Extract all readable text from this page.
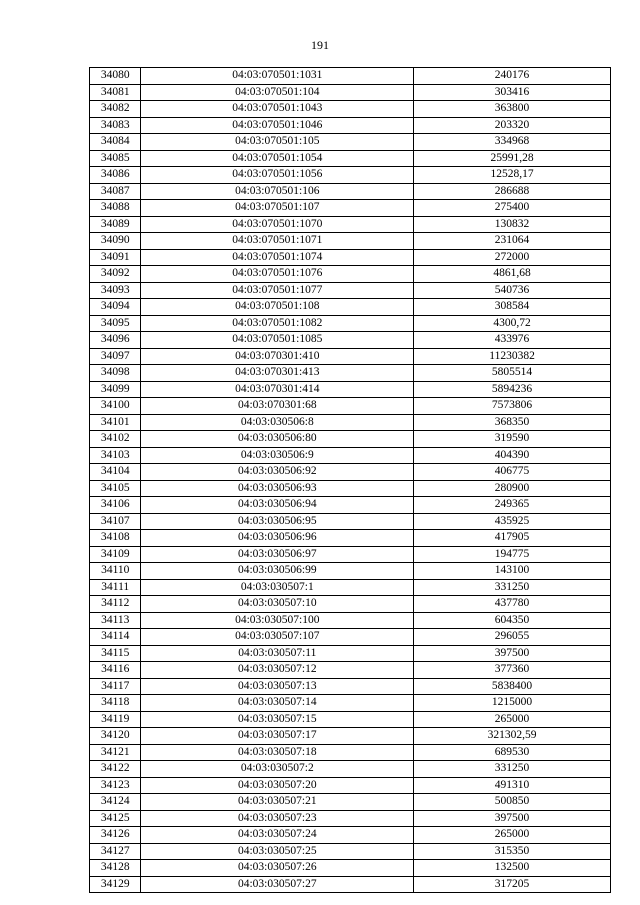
191
34080	04:03:070501:1031	240176
34081	04:03:070501:104	303416
34082	04:03:070501:1043	363800
34083	04:03:070501:1046	203320
34084	04:03:070501:105	334968
34085	04:03:070501:1054	25991,28
34086	04:03:070501:1056	12528,17
34087	04:03:070501:106	286688
34088	04:03:070501:107	275400
34089	04:03:070501:1070	130832
34090	04:03:070501:1071	231064
34091	04:03:070501:1074	272000
34092	04:03:070501:1076	4861,68
34093	04:03:070501:1077	540736
34094	04:03:070501:108	308584
34095	04:03:070501:1082	4300,72
34096	04:03:070501:1085	433976
34097	04:03:070301:410	11230382
34098	04:03:070301:413	5805514
34099	04:03:070301:414	5894236
34100	04:03:070301:68	7573806
34101	04:03:030506:8	368350
34102	04:03:030506:80	319590
34103	04:03:030506:9	404390
34104	04:03:030506:92	406775
34105	04:03:030506:93	280900
34106	04:03:030506:94	249365
34107	04:03:030506:95	435925
34108	04:03:030506:96	417905
34109	04:03:030506:97	194775
34110	04:03:030506:99	143100
34111	04:03:030507:1	331250
34112	04:03:030507:10	437780
34113	04:03:030507:100	604350
34114	04:03:030507:107	296055
34115	04:03:030507:11	397500
34116	04:03:030507:12	377360
34117	04:03:030507:13	5838400
34118	04:03:030507:14	1215000
34119	04:03:030507:15	265000
34120	04:03:030507:17	321302,59
34121	04:03:030507:18	689530
34122	04:03:030507:2	331250
34123	04:03:030507:20	491310
34124	04:03:030507:21	500850
34125	04:03:030507:23	397500
34126	04:03:030507:24	265000
34127	04:03:030507:25	315350
34128	04:03:030507:26	132500
34129	04:03:030507:27	317205
